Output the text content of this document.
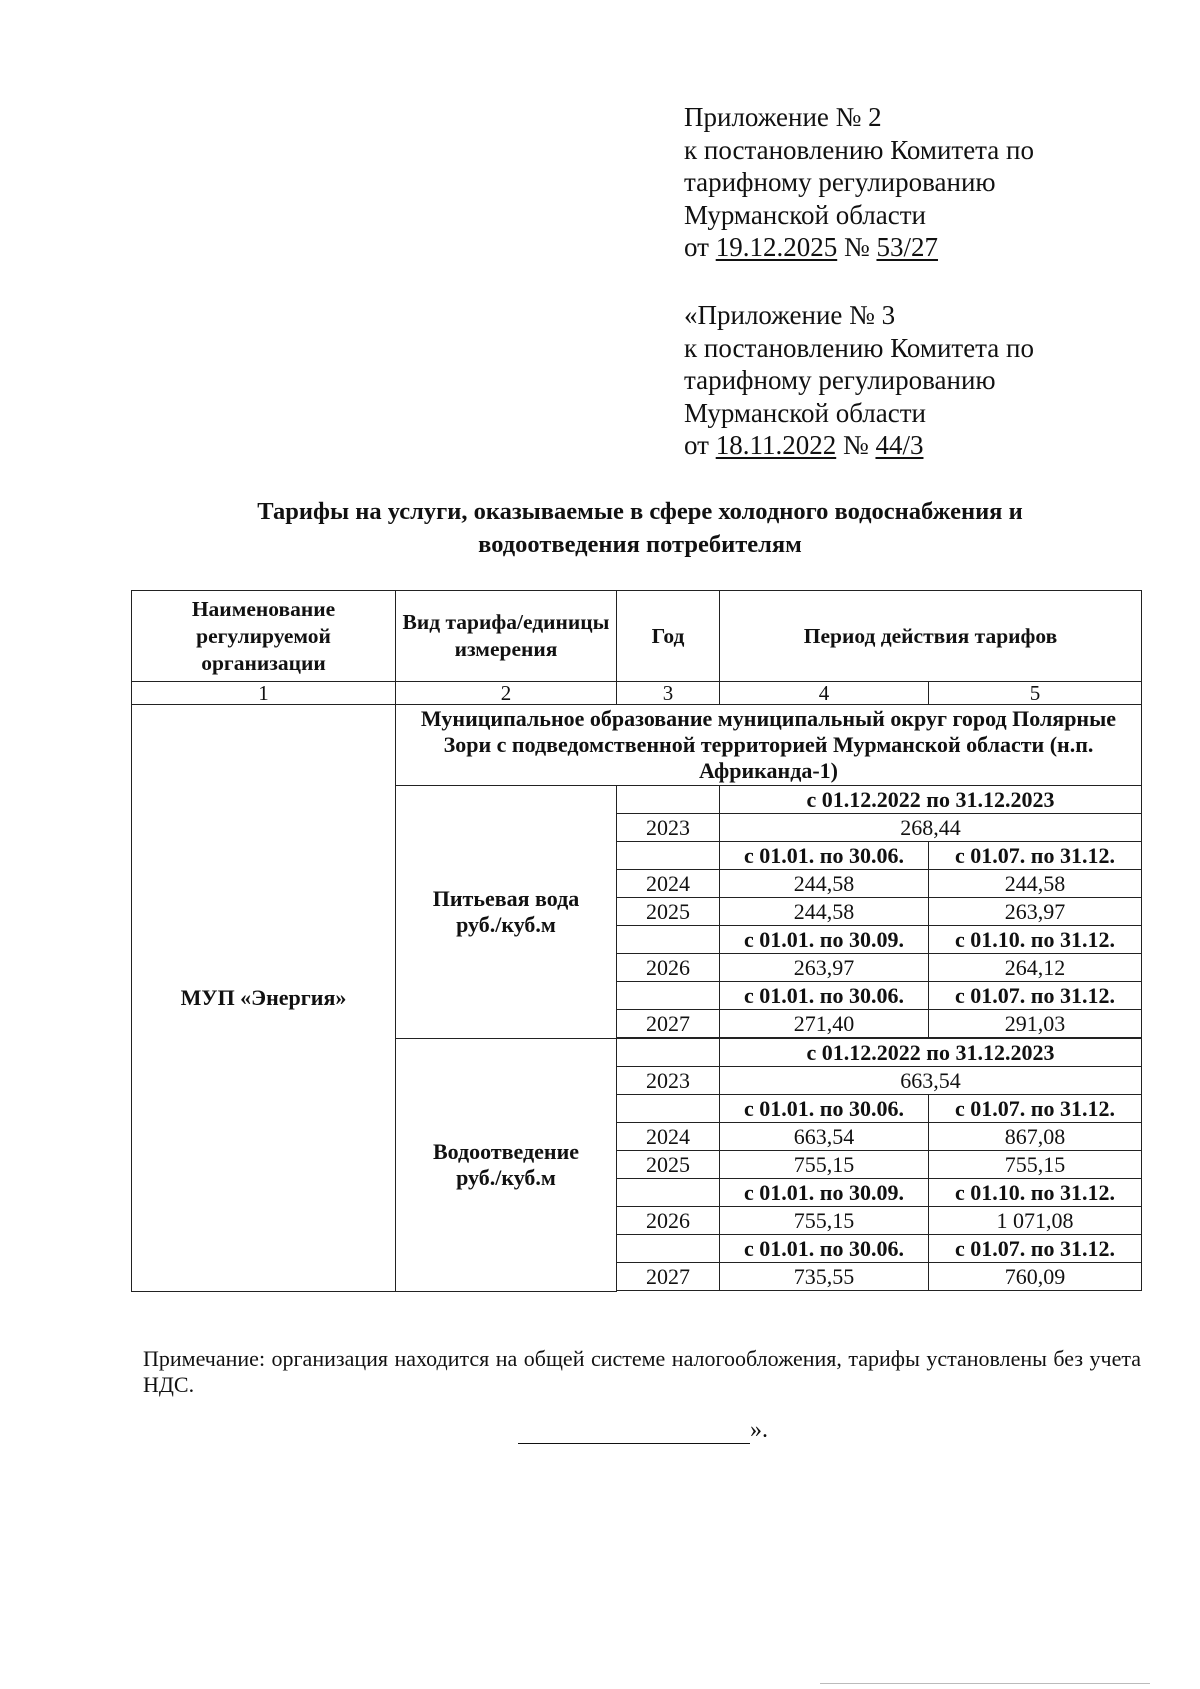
Приложение № 2
к постановлению Комитета по
тарифному регулированию
Мурманской области
от 19.12.2025 № 53/27
«Приложение № 3
к постановлению Комитета по
тарифному регулированию
Мурманской области
от 18.11.2022 № 44/3
Тарифы на услуги, оказываемые в сфере холодного водоснабжения и
водоотведения потребителям
Наименование регулируемой организации	Вид тарифа/единицы измерения	Год	Период действия тарифов	
1	2	3	4	5
МУП «Энергия»	Муниципальное образование муниципальный округ город Полярные Зори с подведомственной территорией Мурманской области (н.п. Африканда-1)			

	Питьевая вода
руб./куб.м		с 01.12.2022 по 31.12.2023	
		2023	268,44	
			с 01.01. по 30.06.	с 01.07. по 31.12.
		2024	244,58	244,58
		2025	244,58	263,97
			с 01.01. по 30.09.	с 01.10. по 31.12.
		2026	263,97	264,12
			с 01.01. по 30.06.	с 01.07. по 31.12.
		2027	271,40	291,03

	Водоотведение
руб./куб.м		с 01.12.2022 по 31.12.2023	
		2023	663,54	
			с 01.01. по 30.06.	с 01.07. по 31.12.
		2024	663,54	867,08
		2025	755,15	755,15
			с 01.01. по 30.09.	с 01.10. по 31.12.
		2026	755,15	1 071,08
			с 01.01. по 30.06.	с 01.07. по 31.12.
		2027	735,55	760,09

Примечание: организация находится на общей системе налогообложения, тарифы установлены без учета НДС.
».
